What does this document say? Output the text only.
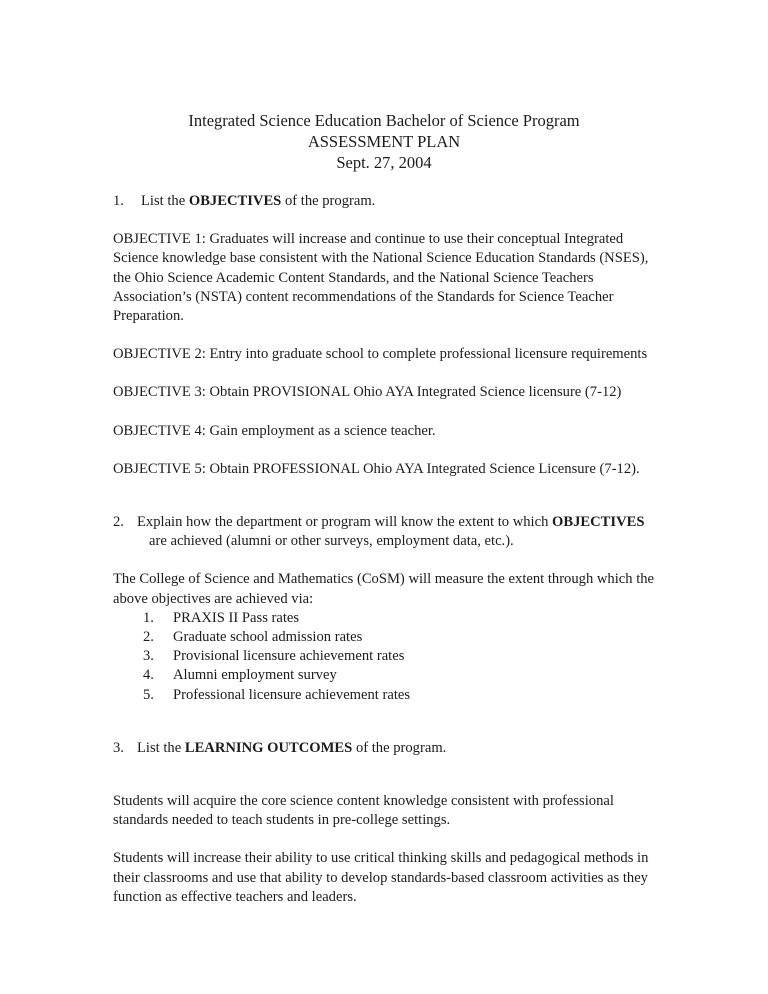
Integrated Science Education Bachelor of Science Program
ASSESSMENT PLAN
Sept. 27, 2004

1. List the OBJECTIVES of the program.

OBJECTIVE 1: Graduates will increase and continue to use their conceptual Integrated Science knowledge base consistent with the National Science Education Standards (NSES), the Ohio Science Academic Content Standards, and the National Science Teachers Association’s (NSTA) content recommendations of the Standards for Science Teacher Preparation.

OBJECTIVE 2: Entry into graduate school to complete professional licensure requirements

OBJECTIVE 3: Obtain PROVISIONAL Ohio AYA Integrated Science licensure (7-12)

OBJECTIVE 4: Gain employment as a science teacher.

OBJECTIVE 5: Obtain PROFESSIONAL Ohio AYA Integrated Science Licensure (7-12).

2. Explain how the department or program will know the extent to which OBJECTIVES are achieved (alumni or other surveys, employment data, etc.).

The College of Science and Mathematics (CoSM) will measure the extent through which the above objectives are achieved via:

1.	PRAXIS II Pass rates
2.	Graduate school admission rates
3.	Provisional licensure achievement rates
4.	Alumni employment survey
5.	Professional licensure achievement rates

3. List the LEARNING OUTCOMES of the program.

Students will acquire the core science content knowledge consistent with professional standards needed to teach students in pre-college settings.

Students will increase their ability to use critical thinking skills and pedagogical methods in their classrooms and use that ability to develop standards-based classroom activities as they function as effective teachers and leaders.
